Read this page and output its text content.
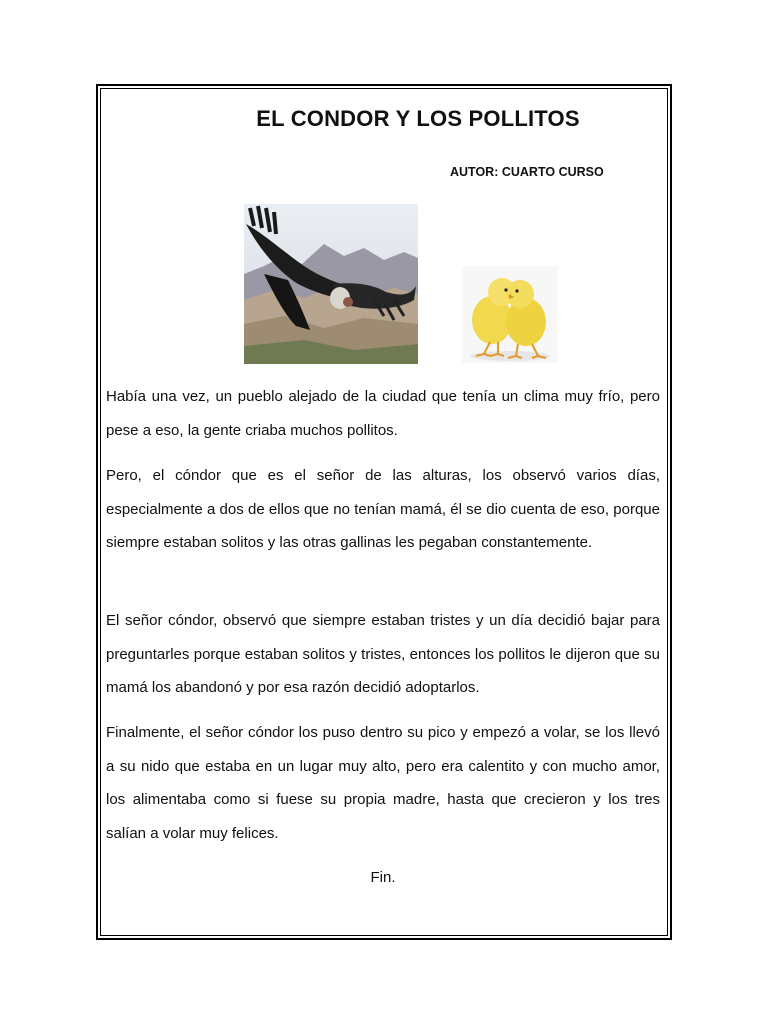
EL CONDOR Y LOS POLLITOS
AUTOR: CUARTO CURSO

Había una vez, un pueblo alejado de la ciudad que tenía un clima muy frío, pero pese a eso, la gente criaba muchos pollitos.

Pero, el cóndor que es el señor de las alturas, los observó varios días, especialmente a dos de ellos que no tenían mamá, él se dio cuenta de eso, porque siempre estaban solitos y las otras gallinas les pegaban constantemente.

El señor cóndor, observó que siempre estaban tristes y un día decidió bajar para preguntarles porque estaban solitos y tristes, entonces los pollitos le dijeron que su mamá los abandonó y por esa razón decidió adoptarlos.

Finalmente, el señor cóndor los puso dentro su pico y empezó a volar, se los llevó a su nido que estaba en un lugar muy alto, pero era calentito y con mucho amor, los alimentaba como si fuese su propia madre, hasta que crecieron y los tres salían a volar muy felices.

Fin.
